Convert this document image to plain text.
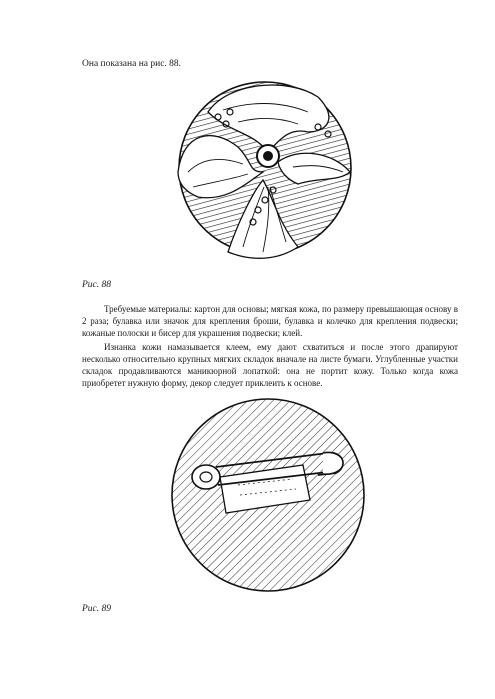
Она показана на рис. 88.
Рис. 88

Требуемые материалы: картон для основы; мягкая кожа, по размеру превышающая основу в 2 раза; булавка или значок для крепления броши, булавка и колечко для крепления подвески; кожаные полоски и бисер для украшения подвески; клей.

Изнанка кожи намазывается клеем, ему дают схватиться и после этого драпируют несколько относительно крупных мягких складок вначале на листе бумаги. Углубленные участки складок продавливаются маникюрной лопаткой: она не портит кожу. Только когда кожа приобретет нужную форму, декор следует приклеить к основе.

Рис. 89
